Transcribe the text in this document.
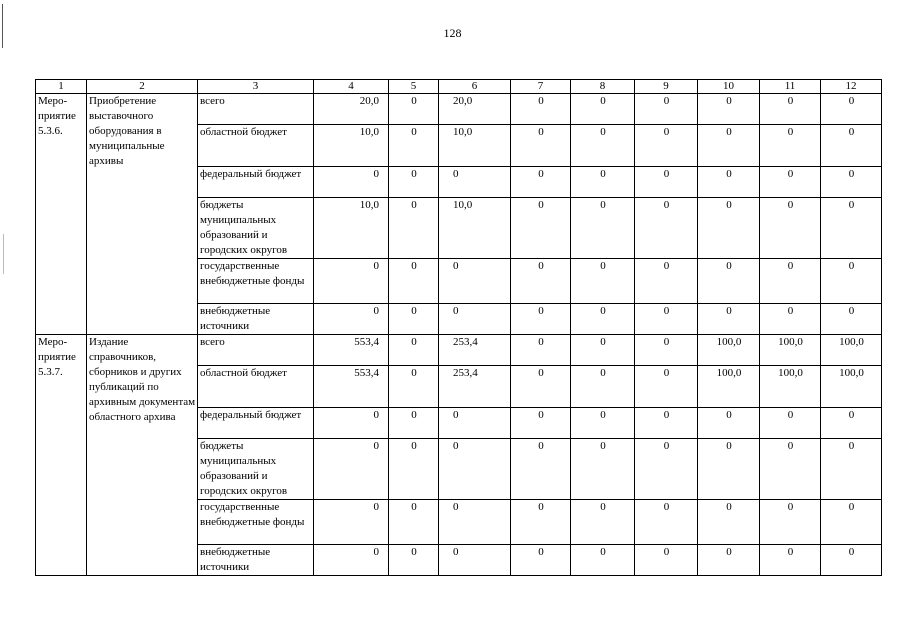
128
1	2	3	4	5	6	7	8	9	10	11	12
Меро-приятие 5.3.6.	Приобретение выставочного оборудования в муниципальные архивы	всего	20,0	0	20,0	0	0	0	0	0	0
		областной бюджет	10,0	0	10,0	0	0	0	0	0	0
		федеральный бюджет	0	0	0	0	0	0	0	0	0
		бюджеты муниципальных образований и городских округов	10,0	0	10,0	0	0	0	0	0	0
		государственные внебюджетные фонды	0	0	0	0	0	0	0	0	0
		внебюджетные источники	0	0	0	0	0	0	0	0	0
Меро-приятие 5.3.7.	Издание справочников, сборников и других публикаций по архивным документам областного архива	всего	553,4	0	253,4	0	0	0	100,0	100,0	100,0
		областной бюджет	553,4	0	253,4	0	0	0	100,0	100,0	100,0
		федеральный бюджет	0	0	0	0	0	0	0	0	0
		бюджеты муниципальных образований и городских округов	0	0	0	0	0	0	0	0	0
		государственные внебюджетные фонды	0	0	0	0	0	0	0	0	0
		внебюджетные источники	0	0	0	0	0	0	0	0	0
